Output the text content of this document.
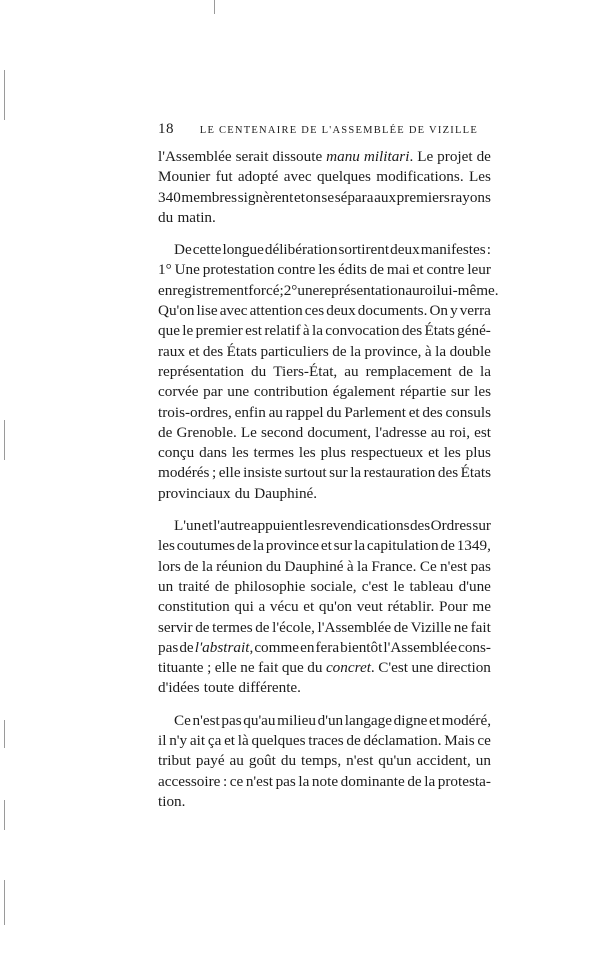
18	LE CENTENAIRE DE L'ASSEMBLÉE DE VIZILLE
l'Assemblée serait dissoute manu militari. Le projet de
Mounier fut adopté avec quelques modifications. Les
340 membres signèrent et on se sépara aux premiers rayons
du matin.
De cette longue délibération sortirent deux manifestes :
1° Une protestation contre les édits de mai et contre leur
enregistrement forcé ; 2° une représentation au roi lui-même.
Qu'on lise avec attention ces deux documents. On y verra
que le premier est relatif à la convocation des États géné-
raux et des États particuliers de la province, à la double
représentation du Tiers-État, au remplacement de la
corvée par une contribution également répartie sur les
trois-ordres, enfin au rappel du Parlement et des consuls
de Grenoble. Le second document, l'adresse au roi, est
conçu dans les termes les plus respectueux et les plus
modérés ; elle insiste surtout sur la restauration des États
provinciaux du Dauphiné.
L'un et l'autre appuient les revendications des Ordres sur
les coutumes de la province et sur la capitulation de 1349,
lors de la réunion du Dauphiné à la France. Ce n'est pas
un traité de philosophie sociale, c'est le tableau d'une
constitution qui a vécu et qu'on veut rétablir. Pour me
servir de termes de l'école, l'Assemblée de Vizille ne fait
pas de l'abstrait, comme en fera bientôt l'Assemblée cons-
tituante ; elle ne fait que du concret. C'est une direction
d'idées toute différente.
Ce n'est pas qu'au milieu d'un langage digne et modéré,
il n'y ait ça et là quelques traces de déclamation. Mais ce
tribut payé au goût du temps, n'est qu'un accident, un
accessoire : ce n'est pas la note dominante de la protesta-
tion.
